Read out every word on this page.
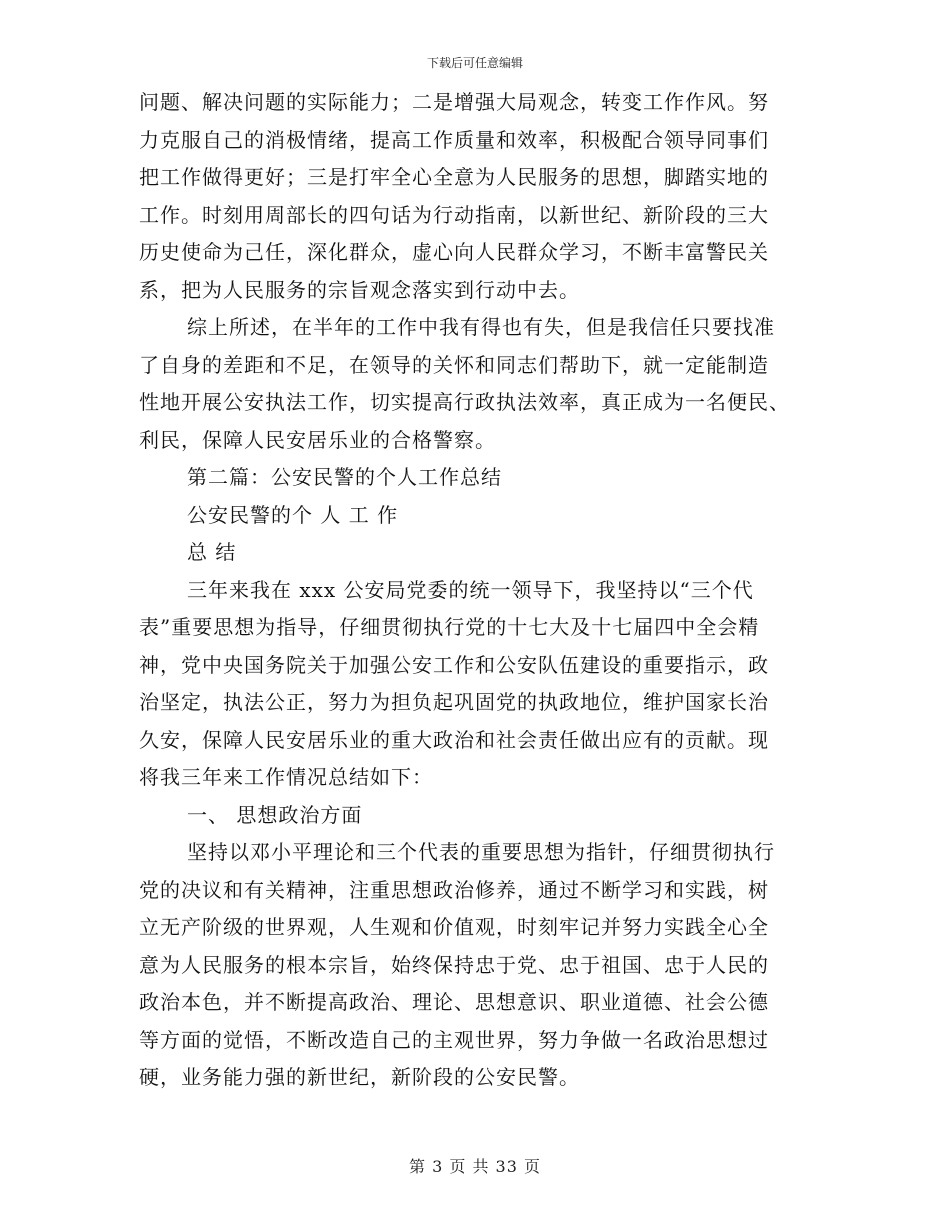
下载后可任意编辑
问题、解决问题的实际能力；二是增强大局观念，转变工作作风。努
力克服自己的消极情绪，提高工作质量和效率，积极配合领导同事们
把工作做得更好；三是打牢全心全意为人民服务的思想，脚踏实地的
工作。时刻用周部长的四句话为行动指南，以新世纪、新阶段的三大
历史使命为己任，深化群众，虚心向人民群众学习，不断丰富警民关
系，把为人民服务的宗旨观念落实到行动中去。
综上所述，在半年的工作中我有得也有失，但是我信任只要找准
了自身的差距和不足，在领导的关怀和同志们帮助下，就一定能制造
性地开展公安执法工作，切实提高行政执法效率，真正成为一名便民、
利民，保障人民安居乐业的合格警察。
第二篇：公安民警的个人工作总结
公安民警的个 人 工 作
总 结
三年来我在 xxx 公安局党委的统一领导下，我坚持以“三个代
表”重要思想为指导，仔细贯彻执行党的十七大及十七届四中全会精
神，党中央国务院关于加强公安工作和公安队伍建设的重要指示，政
治坚定，执法公正，努力为担负起巩固党的执政地位，维护国家长治
久安，保障人民安居乐业的重大政治和社会责任做出应有的贡献。现
将我三年来工作情况总结如下：
一、 思想政治方面
坚持以邓小平理论和三个代表的重要思想为指针，仔细贯彻执行
党的决议和有关精神，注重思想政治修养，通过不断学习和实践，树
立无产阶级的世界观，人生观和价值观，时刻牢记并努力实践全心全
意为人民服务的根本宗旨，始终保持忠于党、忠于祖国、忠于人民的
政治本色，并不断提高政治、理论、思想意识、职业道德、社会公德
等方面的觉悟，不断改造自己的主观世界，努力争做一名政治思想过
硬，业务能力强的新世纪，新阶段的公安民警。
第 3 页 共 33 页
